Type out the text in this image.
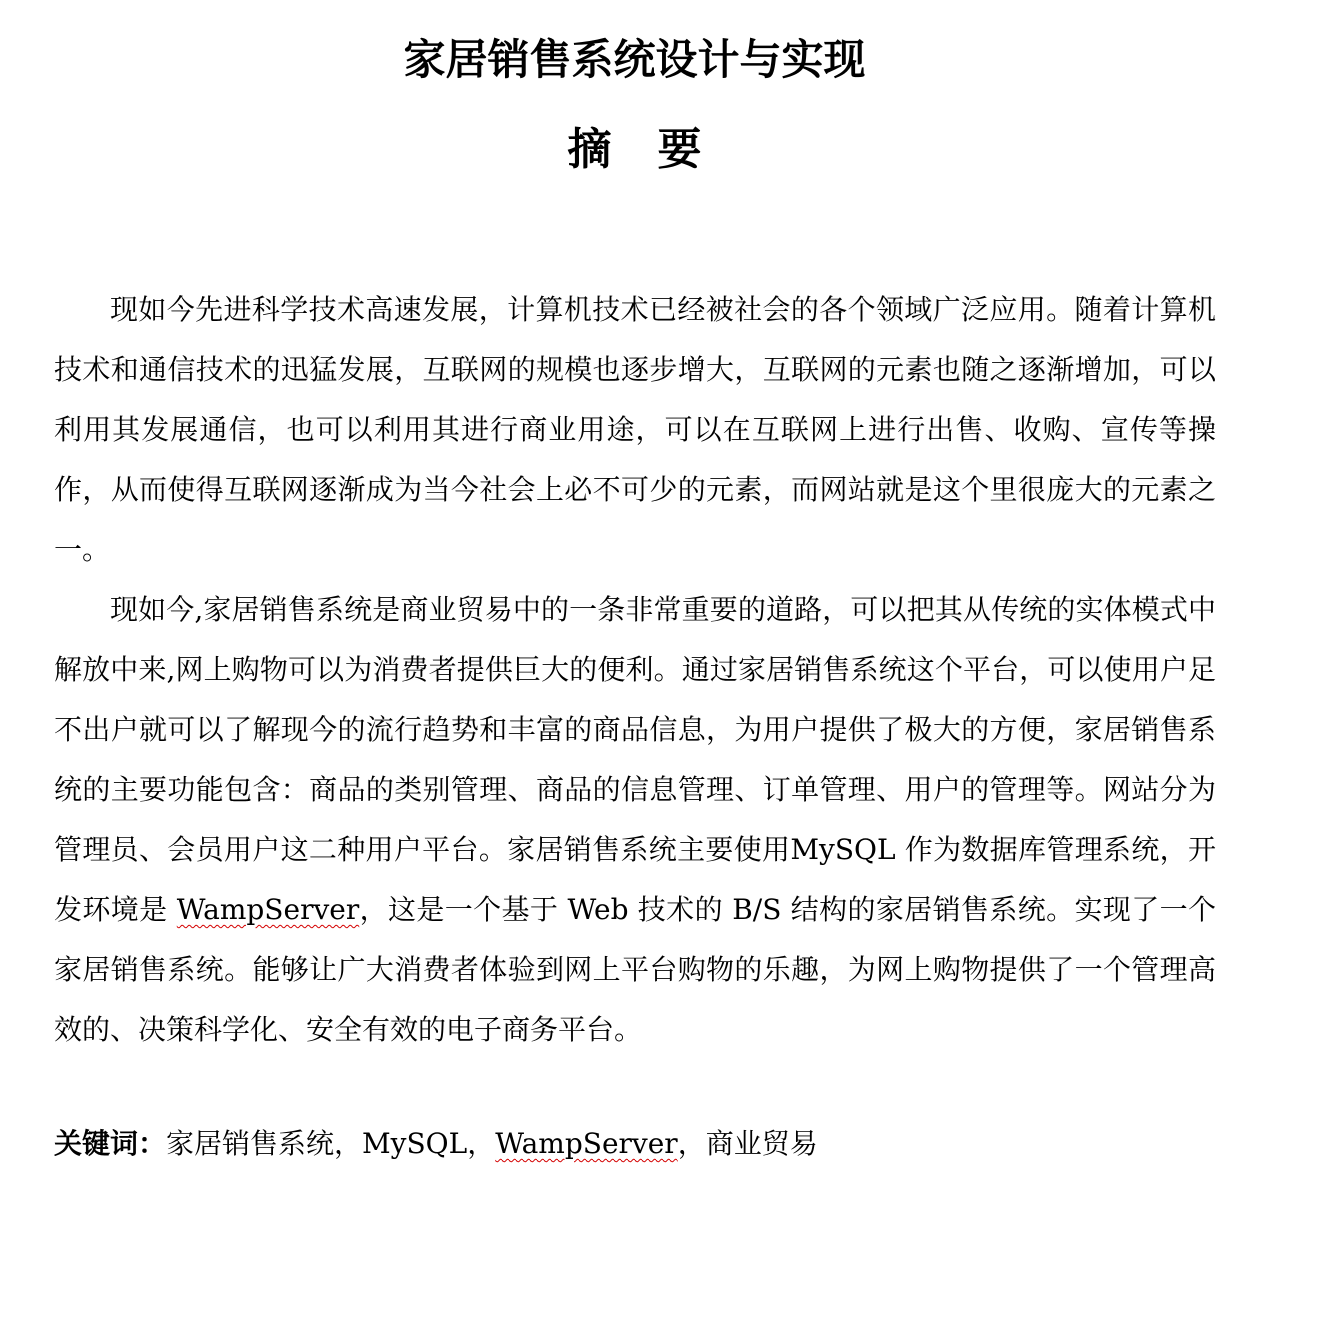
家居销售系统设计与实现
摘要

现如今先进科学技术高速发展，计算机技术已经被社会的各个领域广泛应用。随着计算机技术和通信技术的迅猛发展，互联网的规模也逐步增大，互联网的元素也随之逐渐增加，可以利用其发展通信，也可以利用其进行商业用途，可以在互联网上进行出售、收购、宣传等操作，从而使得互联网逐渐成为当今社会上必不可少的元素，而网站就是这个里很庞大的元素之一。

现如今,家居销售系统是商业贸易中的一条非常重要的道路，可以把其从传统的实体模式中解放中来,网上购物可以为消费者提供巨大的便利。通过家居销售系统这个平台，可以使用户足不出户就可以了解现今的流行趋势和丰富的商品信息，为用户提供了极大的方便，家居销售系统的主要功能包含：商品的类别管理、商品的信息管理、订单管理、用户的管理等。网站分为管理员、会员用户这二种用户平台。家居销售系统主要使用MySQL 作为数据库管理系统，开发环境是 WampServer，这是一个基于 Web 技术的 B/S 结构的家居销售系统。实现了一个家居销售系统。能够让广大消费者体验到网上平台购物的乐趣，为网上购物提供了一个管理高效的、决策科学化、安全有效的电子商务平台。

关键词：家居销售系统，MySQL，WampServer，商业贸易
